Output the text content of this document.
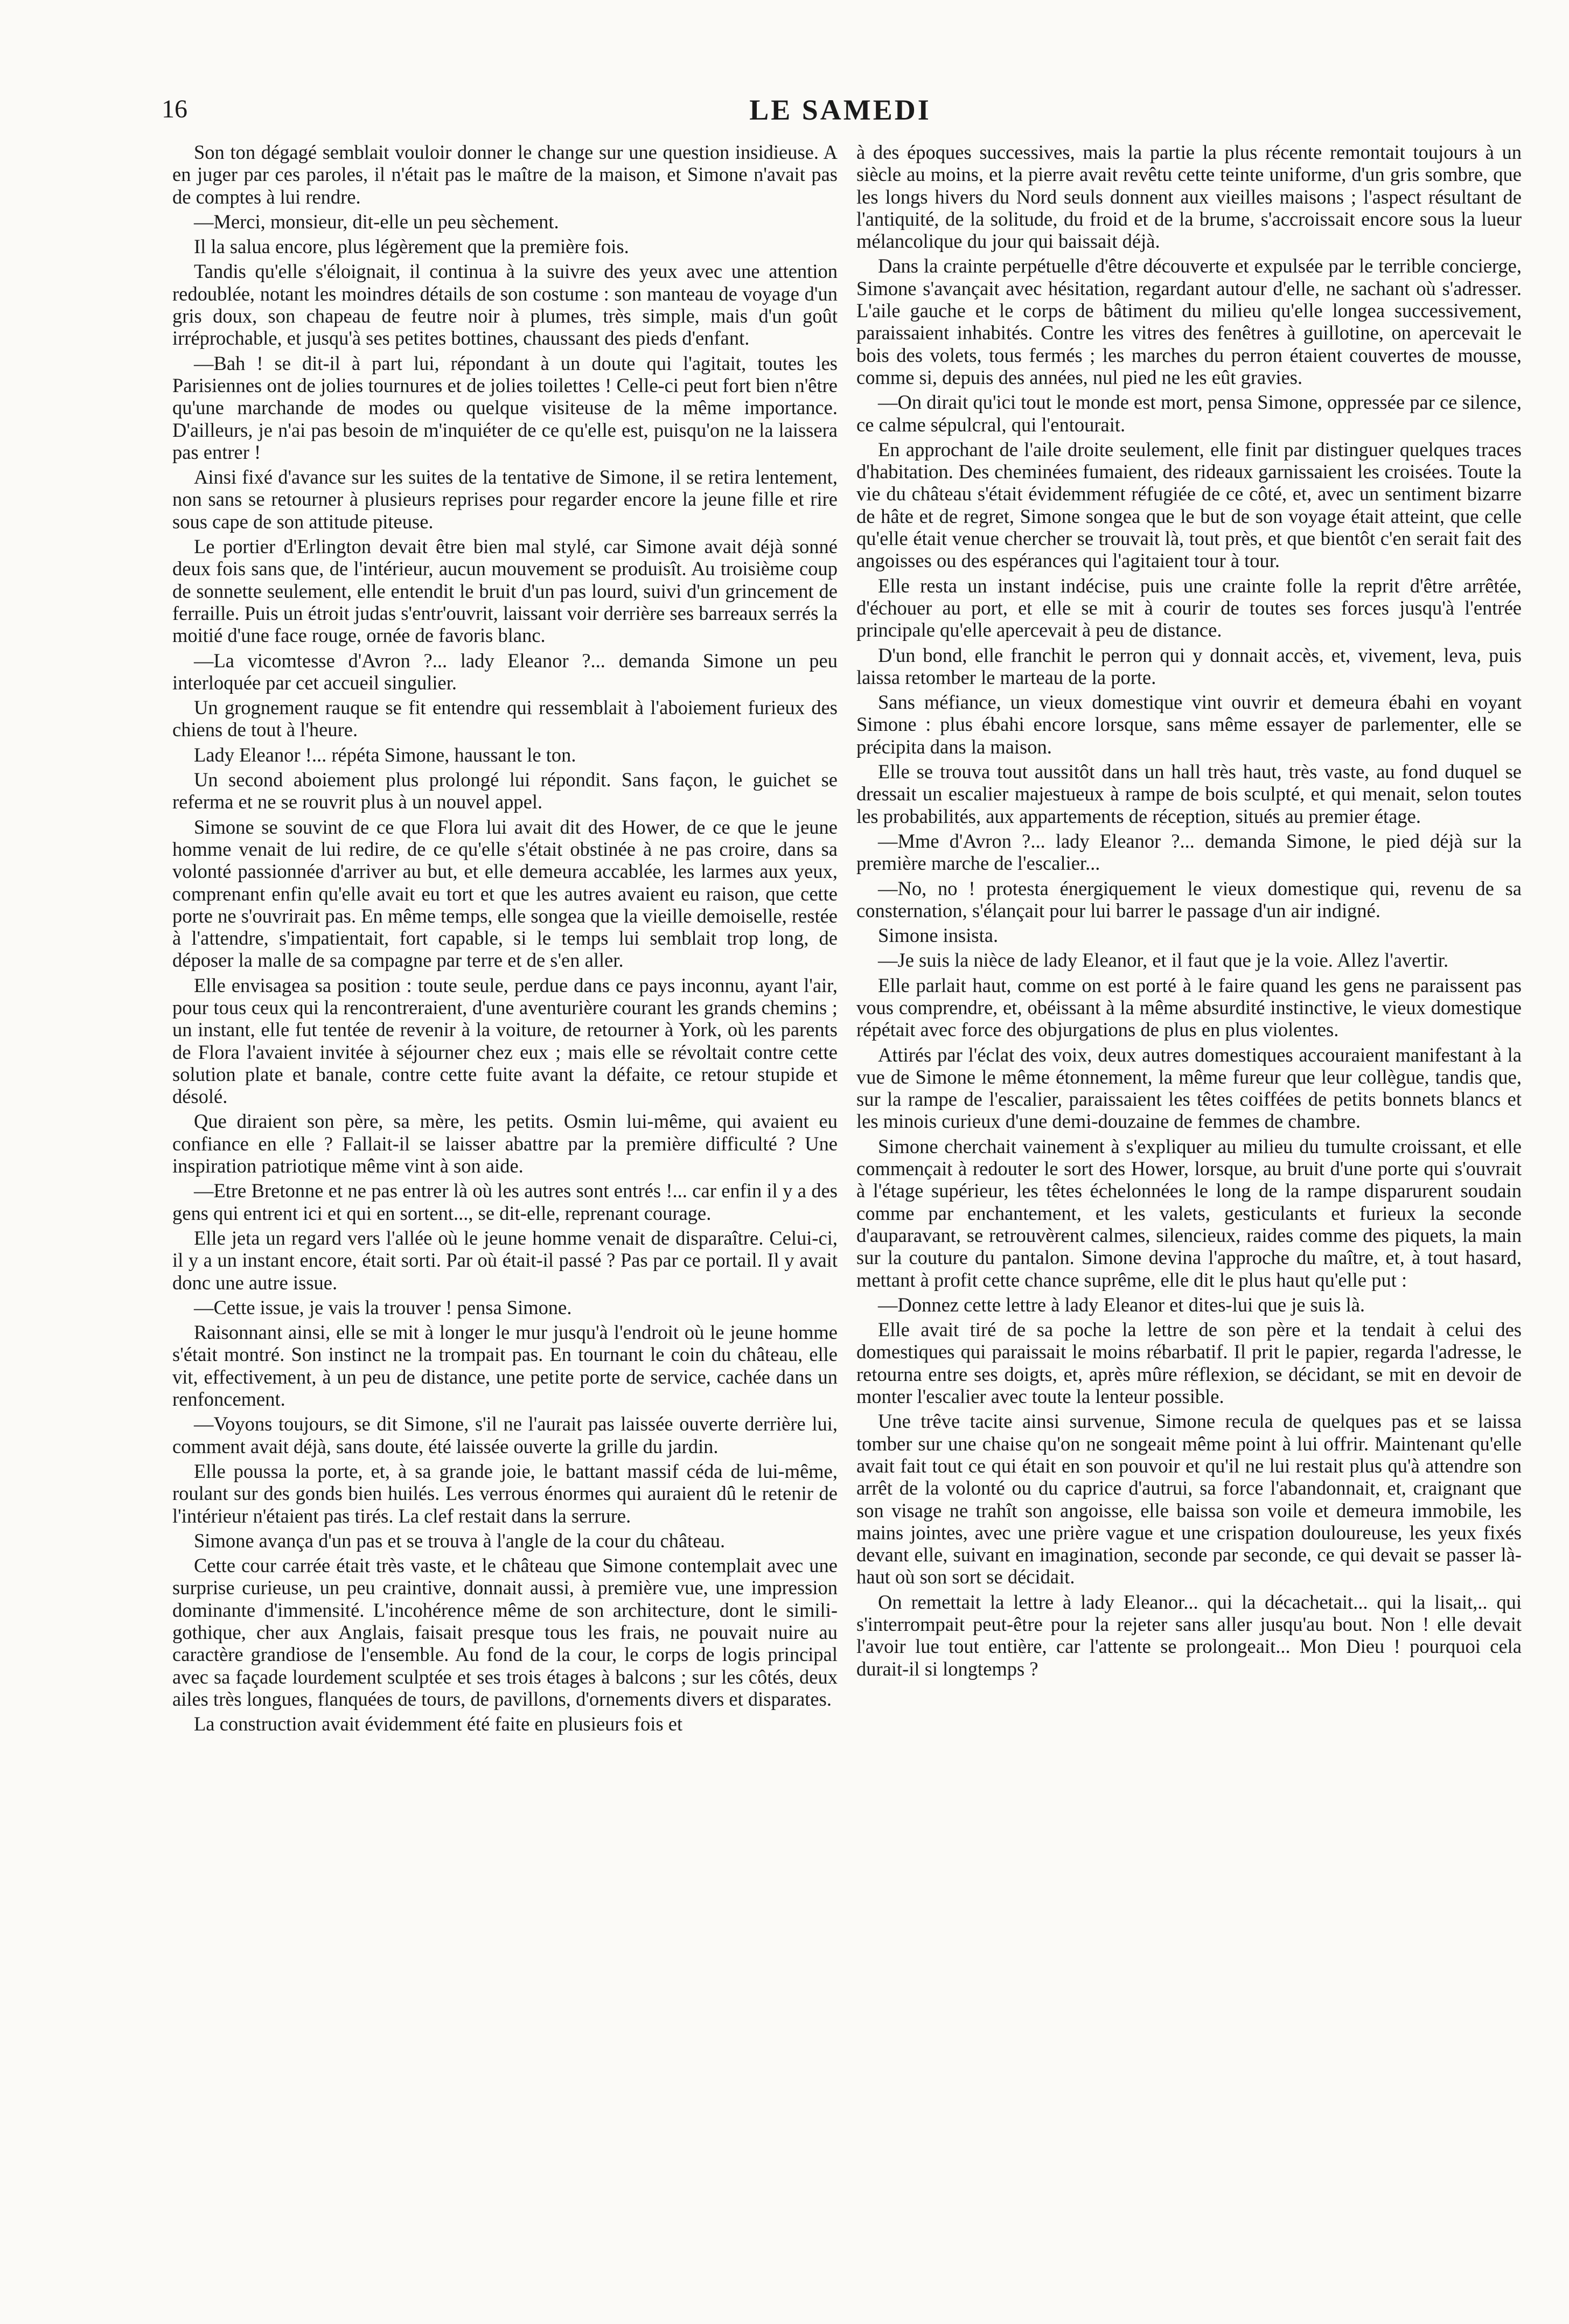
16	LE SAMEDI

Son ton dégagé semblait vouloir donner le change sur une question insidieuse. A en juger par ces paroles, il n'était pas le maître de la maison, et Simone n'avait pas de comptes à lui rendre.

—Merci, monsieur, dit-elle un peu sèchement.

Il la salua encore, plus légèrement que la première fois.

Tandis qu'elle s'éloignait, il continua à la suivre des yeux avec une attention redoublée, notant les moindres détails de son costume : son manteau de voyage d'un gris doux, son chapeau de feutre noir à plumes, très simple, mais d'un goût irréprochable, et jusqu'à ses petites bottines, chaussant des pieds d'enfant.

—Bah ! se dit-il à part lui, répondant à un doute qui l'agitait, toutes les Parisiennes ont de jolies tournures et de jolies toilettes ! Celle-ci peut fort bien n'être qu'une marchande de modes ou quelque visiteuse de la même importance. D'ailleurs, je n'ai pas besoin de m'inquiéter de ce qu'elle est, puisqu'on ne la laissera pas entrer !

Ainsi fixé d'avance sur les suites de la tentative de Simone, il se retira lentement, non sans se retourner à plusieurs reprises pour regarder encore la jeune fille et rire sous cape de son attitude piteuse.

Le portier d'Erlington devait être bien mal stylé, car Simone avait déjà sonné deux fois sans que, de l'intérieur, aucun mouvement se produisît. Au troisième coup de sonnette seulement, elle entendit le bruit d'un pas lourd, suivi d'un grincement de ferraille. Puis un étroit judas s'entr'ouvrit, laissant voir derrière ses barreaux serrés la moitié d'une face rouge, ornée de favoris blanc.

—La vicomtesse d'Avron ?... lady Eleanor ?... demanda Simone un peu interloquée par cet accueil singulier.

Un grognement rauque se fit entendre qui ressemblait à l'aboiement furieux des chiens de tout à l'heure.

Lady Eleanor !... répéta Simone, haussant le ton.

Un second aboiement plus prolongé lui répondit. Sans façon, le guichet se referma et ne se rouvrit plus à un nouvel appel.

Simone se souvint de ce que Flora lui avait dit des Hower, de ce que le jeune homme venait de lui redire, de ce qu'elle s'était obstinée à ne pas croire, dans sa volonté passionnée d'arriver au but, et elle demeura accablée, les larmes aux yeux, comprenant enfin qu'elle avait eu tort et que les autres avaient eu raison, que cette porte ne s'ouvrirait pas. En même temps, elle songea que la vieille demoiselle, restée à l'attendre, s'impatientait, fort capable, si le temps lui semblait trop long, de déposer la malle de sa compagne par terre et de s'en aller.

Elle envisagea sa position : toute seule, perdue dans ce pays inconnu, ayant l'air, pour tous ceux qui la rencontreraient, d'une aventurière courant les grands chemins ; un instant, elle fut tentée de revenir à la voiture, de retourner à York, où les parents de Flora l'avaient invitée à séjourner chez eux ; mais elle se révoltait contre cette solution plate et banale, contre cette fuite avant la défaite, ce retour stupide et désolé.

Que diraient son père, sa mère, les petits. Osmin lui-même, qui avaient eu confiance en elle ? Fallait-il se laisser abattre par la première difficulté ? Une inspiration patriotique même vint à son aide.

—Etre Bretonne et ne pas entrer là où les autres sont entrés !... car enfin il y a des gens qui entrent ici et qui en sortent..., se dit-elle, reprenant courage.

Elle jeta un regard vers l'allée où le jeune homme venait de disparaître. Celui-ci, il y a un instant encore, était sorti. Par où était-il passé ? Pas par ce portail. Il y avait donc une autre issue.

—Cette issue, je vais la trouver ! pensa Simone.

Raisonnant ainsi, elle se mit à longer le mur jusqu'à l'endroit où le jeune homme s'était montré. Son instinct ne la trompait pas. En tournant le coin du château, elle vit, effectivement, à un peu de distance, une petite porte de service, cachée dans un renfoncement.

—Voyons toujours, se dit Simone, s'il ne l'aurait pas laissée ouverte derrière lui, comment avait déjà, sans doute, été laissée ouverte la grille du jardin.

Elle poussa la porte, et, à sa grande joie, le battant massif céda de lui-même, roulant sur des gonds bien huilés. Les verrous énormes qui auraient dû le retenir de l'intérieur n'étaient pas tirés. La clef restait dans la serrure.

Simone avança d'un pas et se trouva à l'angle de la cour du château.

Cette cour carrée était très vaste, et le château que Simone contemplait avec une surprise curieuse, un peu craintive, donnait aussi, à première vue, une impression dominante d'immensité. L'incohérence même de son architecture, dont le simili-gothique, cher aux Anglais, faisait presque tous les frais, ne pouvait nuire au caractère grandiose de l'ensemble. Au fond de la cour, le corps de logis principal avec sa façade lourdement sculptée et ses trois étages à balcons ; sur les côtés, deux ailes très longues, flanquées de tours, de pavillons, d'ornements divers et disparates.

La construction avait évidemment été faite en plusieurs fois et

à des époques successives, mais la partie la plus récente remontait toujours à un siècle au moins, et la pierre avait revêtu cette teinte uniforme, d'un gris sombre, que les longs hivers du Nord seuls donnent aux vieilles maisons ; l'aspect résultant de l'antiquité, de la solitude, du froid et de la brume, s'accroissait encore sous la lueur mélancolique du jour qui baissait déjà.

Dans la crainte perpétuelle d'être découverte et expulsée par le terrible concierge, Simone s'avançait avec hésitation, regardant autour d'elle, ne sachant où s'adresser. L'aile gauche et le corps de bâtiment du milieu qu'elle longea successivement, paraissaient inhabités. Contre les vitres des fenêtres à guillotine, on apercevait le bois des volets, tous fermés ; les marches du perron étaient couvertes de mousse, comme si, depuis des années, nul pied ne les eût gravies.

—On dirait qu'ici tout le monde est mort, pensa Simone, oppressée par ce silence, ce calme sépulcral, qui l'entourait.

En approchant de l'aile droite seulement, elle finit par distinguer quelques traces d'habitation. Des cheminées fumaient, des rideaux garnissaient les croisées. Toute la vie du château s'était évidemment réfugiée de ce côté, et, avec un sentiment bizarre de hâte et de regret, Simone songea que le but de son voyage était atteint, que celle qu'elle était venue chercher se trouvait là, tout près, et que bientôt c'en serait fait des angoisses ou des espérances qui l'agitaient tour à tour.

Elle resta un instant indécise, puis une crainte folle la reprit d'être arrêtée, d'échouer au port, et elle se mit à courir de toutes ses forces jusqu'à l'entrée principale qu'elle apercevait à peu de distance.

D'un bond, elle franchit le perron qui y donnait accès, et, vivement, leva, puis laissa retomber le marteau de la porte.

Sans méfiance, un vieux domestique vint ouvrir et demeura ébahi en voyant Simone : plus ébahi encore lorsque, sans même essayer de parlementer, elle se précipita dans la maison.

Elle se trouva tout aussitôt dans un hall très haut, très vaste, au fond duquel se dressait un escalier majestueux à rampe de bois sculpté, et qui menait, selon toutes les probabilités, aux appartements de réception, situés au premier étage.

—Mme d'Avron ?... lady Eleanor ?... demanda Simone, le pied déjà sur la première marche de l'escalier...

—No, no ! protesta énergiquement le vieux domestique qui, revenu de sa consternation, s'élançait pour lui barrer le passage d'un air indigné.

Simone insista.

—Je suis la nièce de lady Eleanor, et il faut que je la voie. Allez l'avertir.

Elle parlait haut, comme on est porté à le faire quand les gens ne paraissent pas vous comprendre, et, obéissant à la même absurdité instinctive, le vieux domestique répétait avec force des objurgations de plus en plus violentes.

Attirés par l'éclat des voix, deux autres domestiques accouraient manifestant à la vue de Simone le même étonnement, la même fureur que leur collègue, tandis que, sur la rampe de l'escalier, paraissaient les têtes coiffées de petits bonnets blancs et les minois curieux d'une demi-douzaine de femmes de chambre.

Simone cherchait vainement à s'expliquer au milieu du tumulte croissant, et elle commençait à redouter le sort des Hower, lorsque, au bruit d'une porte qui s'ouvrait à l'étage supérieur, les têtes échelonnées le long de la rampe disparurent soudain comme par enchantement, et les valets, gesticulants et furieux la seconde d'auparavant, se retrouvèrent calmes, silencieux, raides comme des piquets, la main sur la couture du pantalon. Simone devina l'approche du maître, et, à tout hasard, mettant à profit cette chance suprême, elle dit le plus haut qu'elle put :

—Donnez cette lettre à lady Eleanor et dites-lui que je suis là.

Elle avait tiré de sa poche la lettre de son père et la tendait à celui des domestiques qui paraissait le moins rébarbatif. Il prit le papier, regarda l'adresse, le retourna entre ses doigts, et, après mûre réflexion, se décidant, se mit en devoir de monter l'escalier avec toute la lenteur possible.

Une trêve tacite ainsi survenue, Simone recula de quelques pas et se laissa tomber sur une chaise qu'on ne songeait même point à lui offrir. Maintenant qu'elle avait fait tout ce qui était en son pouvoir et qu'il ne lui restait plus qu'à attendre son arrêt de la volonté ou du caprice d'autrui, sa force l'abandonnait, et, craignant que son visage ne trahît son angoisse, elle baissa son voile et demeura immobile, les mains jointes, avec une prière vague et une crispation douloureuse, les yeux fixés devant elle, suivant en imagination, seconde par seconde, ce qui devait se passer là-haut où son sort se décidait.

On remettait la lettre à lady Eleanor... qui la décachetait... qui la lisait,.. qui s'interrompait peut-être pour la rejeter sans aller jusqu'au bout. Non ! elle devait l'avoir lue tout entière, car l'attente se prolongeait... Mon Dieu ! pourquoi cela durait-il si longtemps ?
